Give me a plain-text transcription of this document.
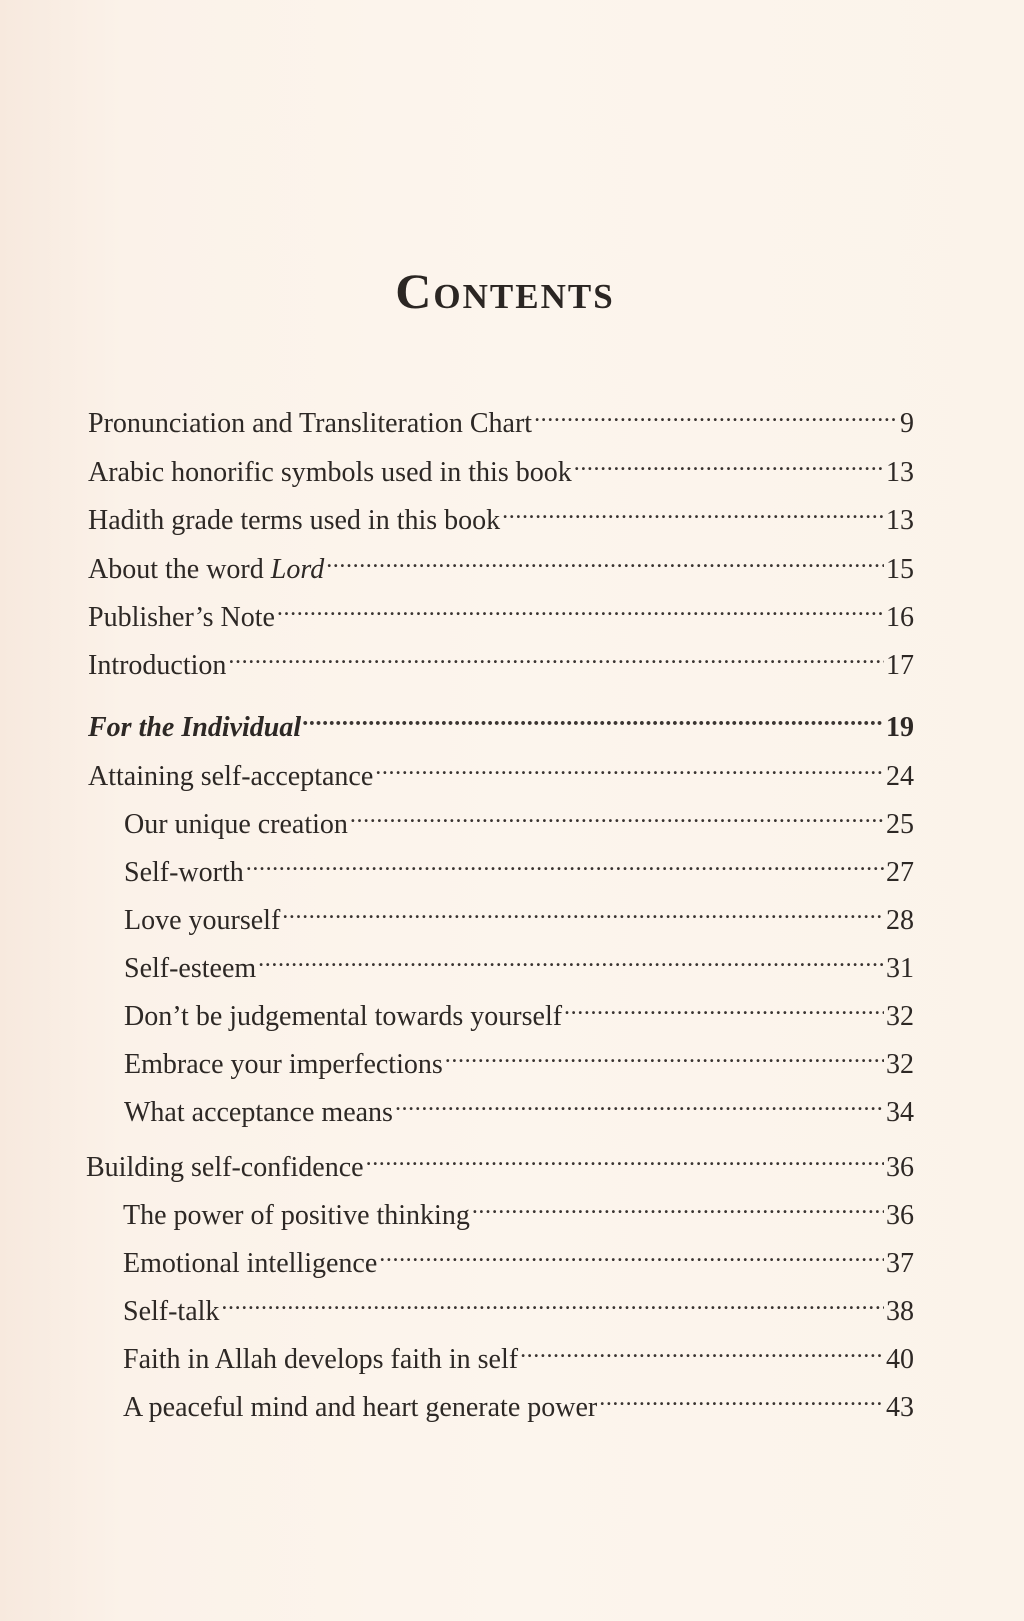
Contents
Pronunciation and Transliteration Chart .....	9
Arabic honorific symbols used in this book .....	13
Hadith grade terms used in this book .....	13
About the word Lord .....	15
Publisher’s Note .....	16
Introduction .....	17
For the Individual .....	19
Attaining self-acceptance .....	24
Our unique creation .....	25
Self-worth .....	27
Love yourself .....	28
Self-esteem .....	31
Don’t be judgemental towards yourself .....	32
Embrace your imperfections .....	32
What acceptance means .....	34
Building self-confidence .....	36
The power of positive thinking .....	36
Emotional intelligence .....	37
Self-talk .....	38
Faith in Allah develops faith in self .....	40
A peaceful mind and heart generate power .....	43
